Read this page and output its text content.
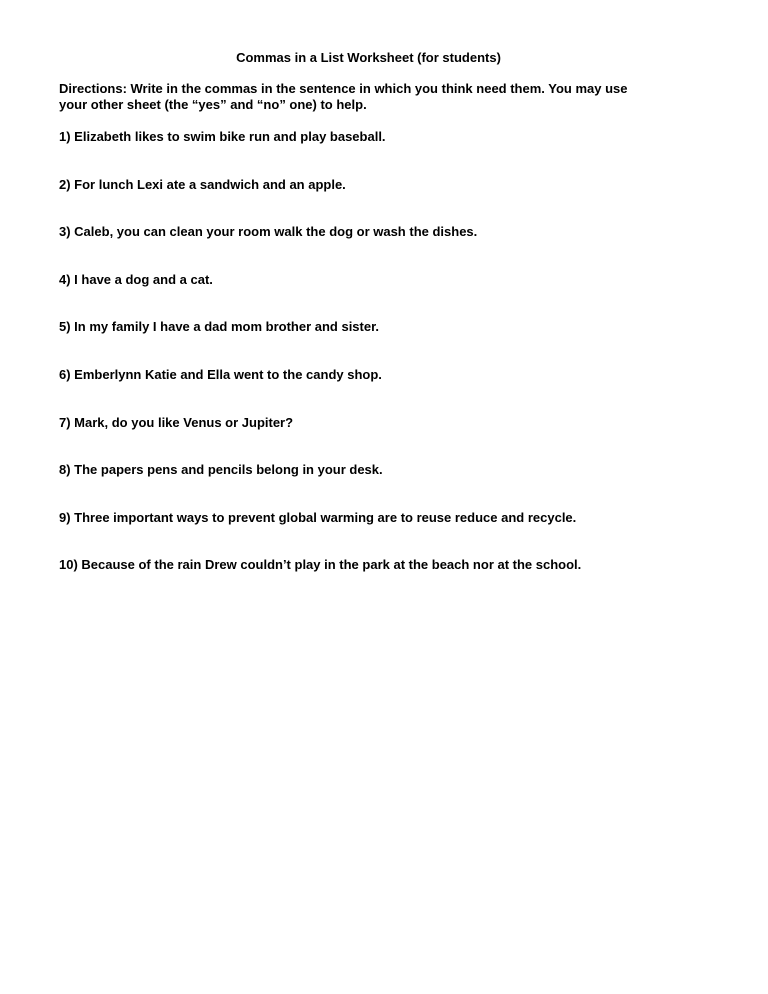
Commas in a List Worksheet (for students)
Directions: Write in the commas in the sentence in which you think need them. You may use
your other sheet (the “yes” and “no” one) to help.
1) Elizabeth likes to swim bike run and play baseball.
2) For lunch Lexi ate a sandwich and an apple.
3) Caleb, you can clean your room walk the dog or wash the dishes.
4) I have a dog and a cat.
5) In my family I have a dad mom brother and sister.
6) Emberlynn Katie and Ella went to the candy shop.
7) Mark, do you like Venus or Jupiter?
8) The papers pens and pencils belong in your desk.
9) Three important ways to prevent global warming are to reuse reduce and recycle.
10) Because of the rain Drew couldn’t play in the park at the beach nor at the school.
